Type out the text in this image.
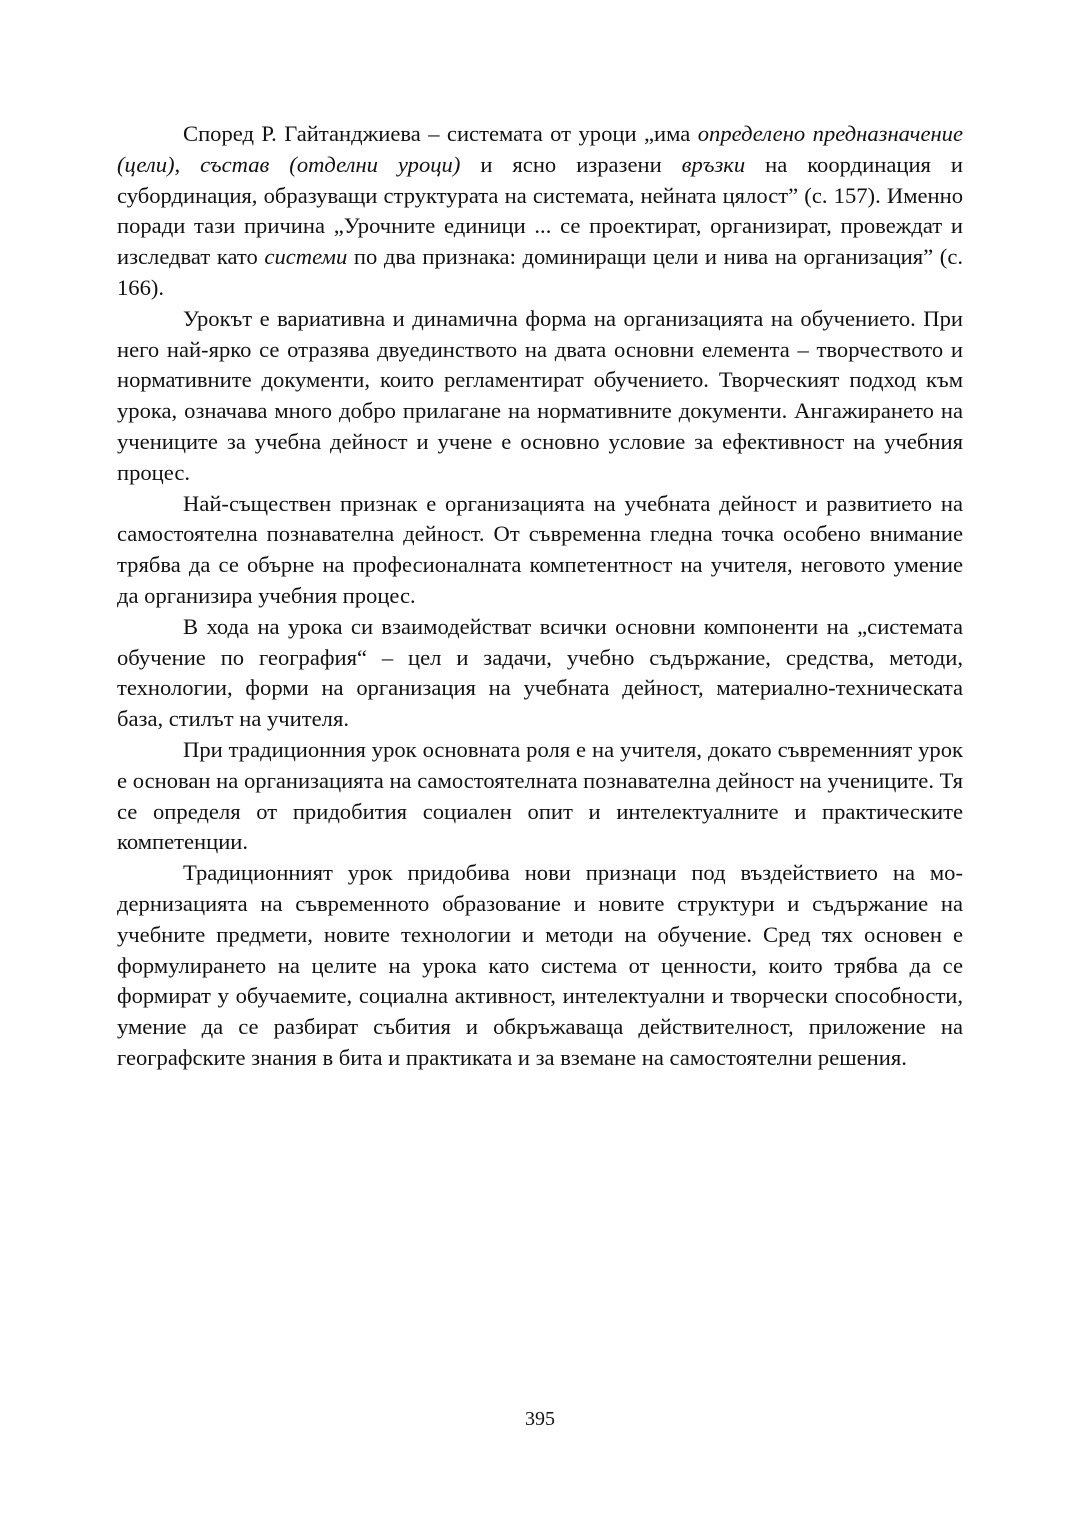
Според Р. Гайтанджиева – системата от уроци „има определено предназначение (цели), състав (отделни уроци) и ясно изразени връзки на координация и субординация, образуващи структурата на системата, нейната цялост” (с. 157). Именно поради тази причина „Урочните единици ... се проектират, организират, провеждат и изследват като системи по два признака: доминиращи цели и нива на организация” (с. 166).

Урокът е вариативна и динамична форма на организацията на обучението. При него най-ярко се отразява двуединството на двата основни елемента – творчеството и нормативните документи, които регламентират обучението. Творческият подход към урока, означава много добро прилагане на нормативните документи. Ангажирането на учениците за учебна дейност и учене е основно условие за ефективност на учебния процес.

Най-съществен признак е организацията на учебната дейност и развитието на самостоятелна познавателна дейност. От съвременна гледна точка особено внимание трябва да се обърне на професионалната компетентност на учителя, неговото умение да организира учебния процес.

В хода на урока си взаимодействат всички основни компоненти на „системата обучение по география“ – цел и задачи, учебно съдържание, средства, методи, технологии, форми на организация на учебната дейност, материално-техническата база, стилът на учителя.

При традиционния урок основната роля е на учителя, докато съвременният урок е основан на организацията на самостоятелната познавателна дейност на учениците. Тя се определя от придобития социален опит и интелектуалните и практическите компетенции.

Традиционният урок придобива нови признаци под въздействието на модернизацията на съвременното образование и новите структури и съдържание на учебните предмети, новите технологии и методи на обучение. Сред тях основен е формулирането на целите на урока като система от ценности, които трябва да се формират у обучаемите, социална активност, интелектуални и творчески способности, умение да се разбират събития и обкръжаваща действителност, приложение на географските знания в бита и практиката и за вземане на самостоятелни решения.

395
